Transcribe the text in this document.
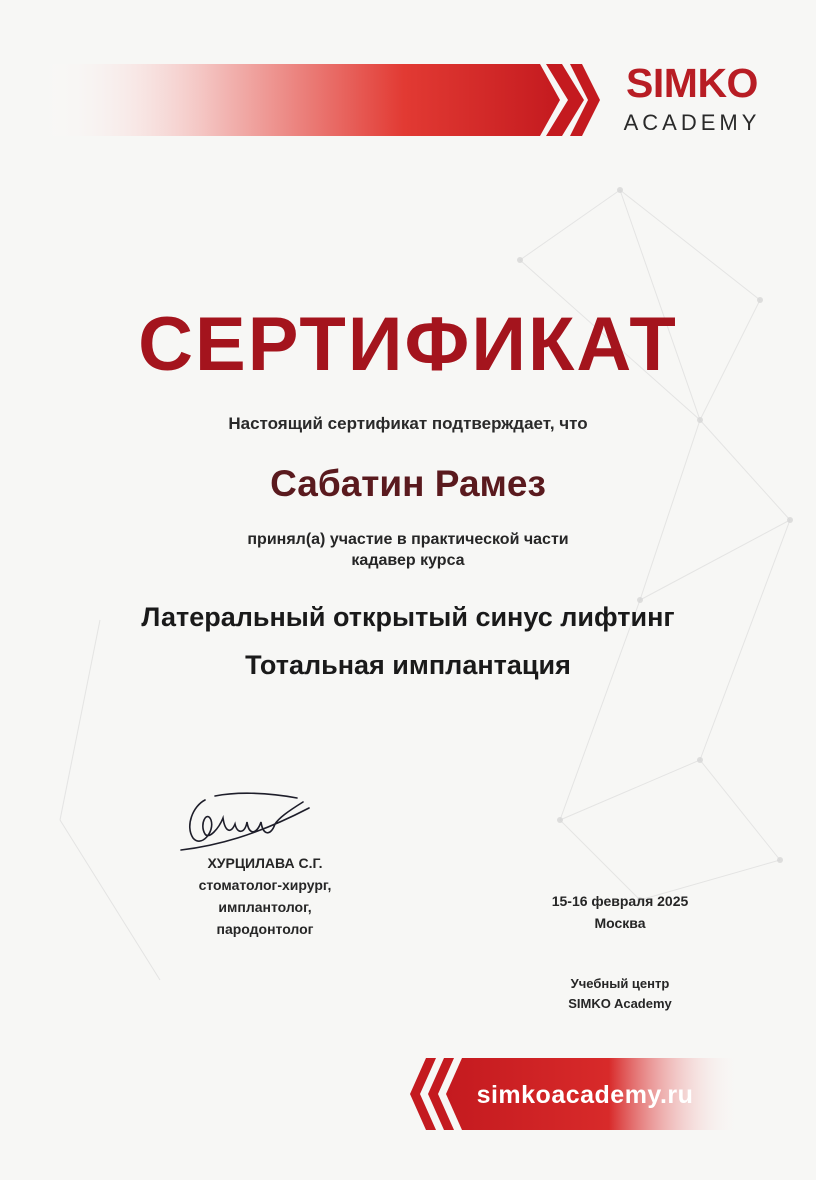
SIMKO
ACADEMY
СЕРТИФИКАТ
Настоящий сертификат подтверждает, что
Сабатин Рамез
принял(а) участие в практической части
кадавер курса
Латеральный открытый синус лифтинг
Тотальная имплантация
ХУРЦИЛАВА С.Г.
стоматолог-хирург,
имплантолог,
пародонтолог
15-16 февраля 2025
Москва
Учебный центр
SIMKO Academy
simkoacademy.ru
